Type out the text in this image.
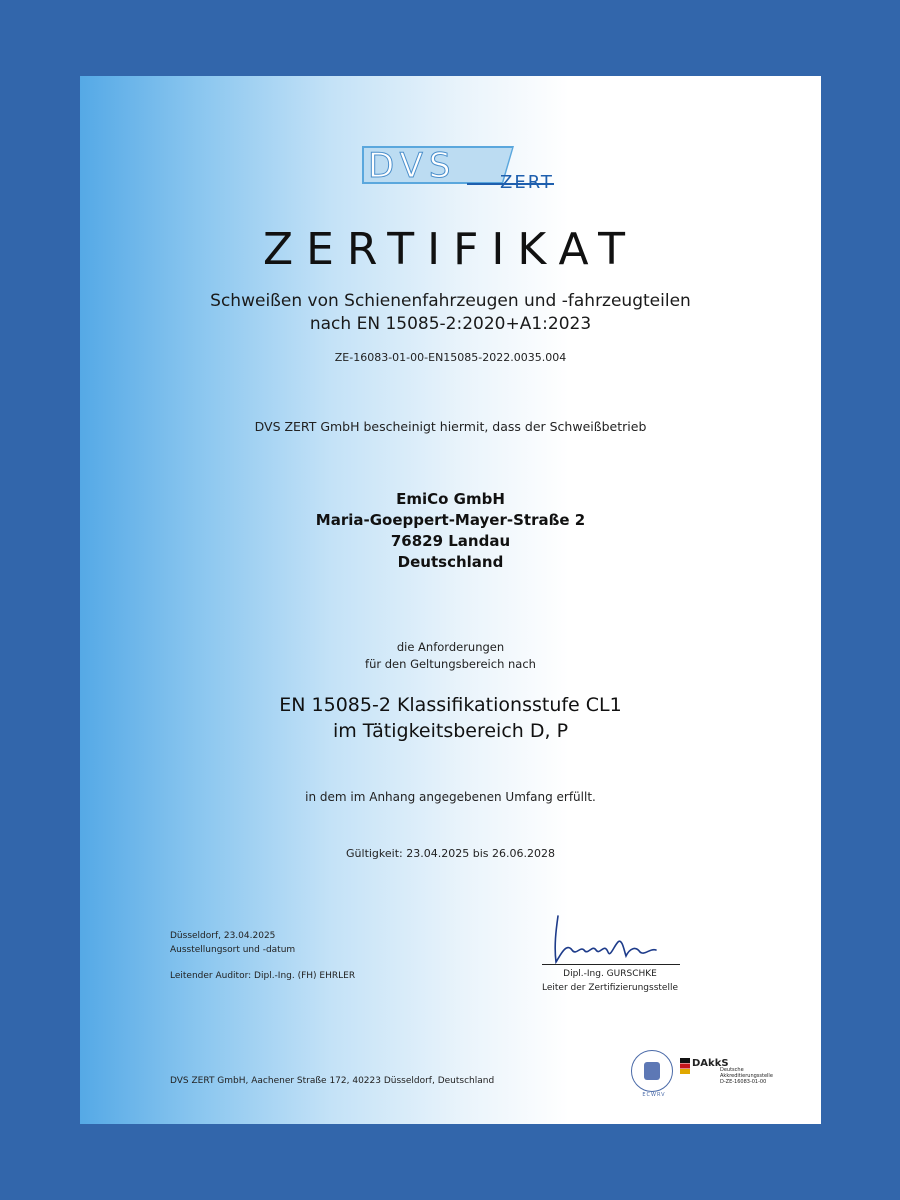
DVS ZERT
ZERTIFIKAT
Schweißen von Schienenfahrzeugen und -fahrzeugteilen
nach EN 15085-2:2020+A1:2023
ZE-16083-01-00-EN15085-2022.0035.004
DVS ZERT GmbH bescheinigt hiermit, dass der Schweißbetrieb
EmiCo GmbH
Maria-Goeppert-Mayer-Straße 2
76829 Landau
Deutschland
die Anforderungen
für den Geltungsbereich nach
EN 15085-2 Klassifikationsstufe CL1
im Tätigkeitsbereich D, P
in dem im Anhang angegebenen Umfang erfüllt.
Gültigkeit: 23.04.2025 bis 26.06.2028
Düsseldorf, 23.04.2025
Ausstellungsort und -datum
Leitender Auditor: Dipl.-Ing. (FH) EHRLER	Dipl.-Ing. GURSCHKE
Leiter der Zertifizierungsstelle
DVS ZERT GmbH, Aachener Straße 172, 40223 Düsseldorf, Deutschland
ECWRV
DAkkS
Deutsche
Akkreditierungsstelle
D-ZE-16083-01-00
